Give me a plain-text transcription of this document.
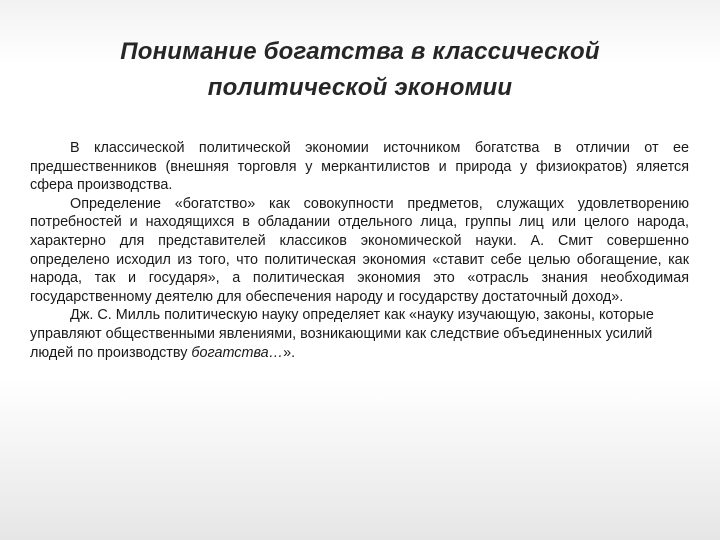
Понимание богатства в классической
политической экономии

В классической политической экономии источником богатства в отличии от ее предшественников (внешняя торговля у меркантилистов и природа у физиократов) яляется сфера производства.

Определение «богатство» как совокупности предметов, служащих удовлетворению потребностей и находящихся в обладании отдельного лица, группы лиц или целого народа, характерно для представителей классиков экономической науки. А. Смит совершенно определено исходил из того, что политическая экономия «ставит себе целью обогащение, как народа, так и государя», а политическая экономия это «отрасль знания необходимая государственному деятелю для обеспечения народу и государству достаточный доход».

Дж. С. Милль политическую науку определяет как «науку изучающую, законы, которые управляют общественными явлениями, возникающими как следствие объединенных усилий людей по производству богатства…».
